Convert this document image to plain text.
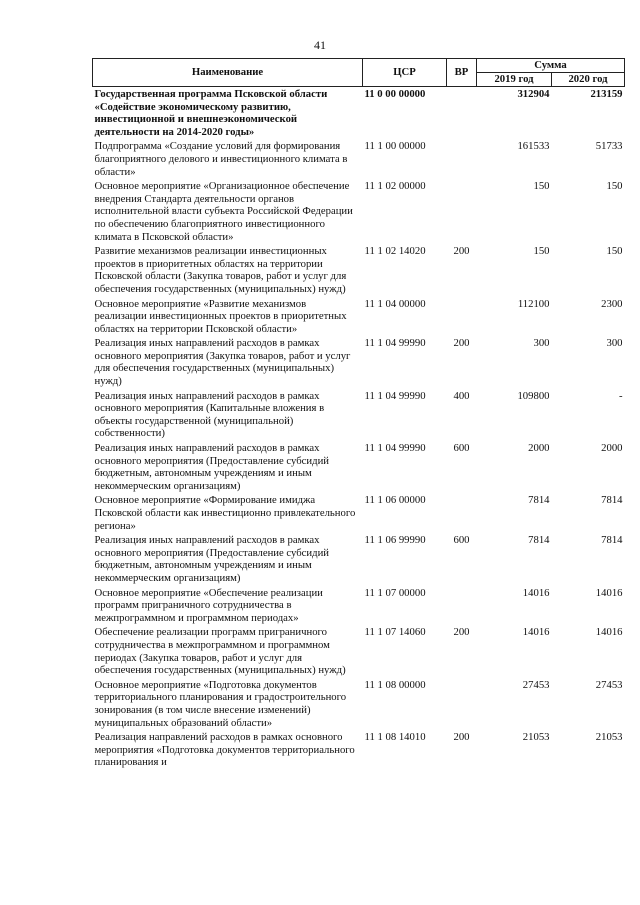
41
Наименование	ЦСР	ВР	Сумма	
			2019 год	2020 год
Государственная программа Псковской области «Содействие экономическому развитию, инвестиционной и внешнеэкономической деятельности на 2014-2020 годы»	11 0 00 00000		312904	213159
Подпрограмма «Создание условий для формирования благоприятного делового и инвестиционного климата в области»	11 1 00 00000		161533	51733
Основное мероприятие «Организационное обеспечение внедрения Стандарта деятельности органов исполнительной власти субъекта Российской Федерации по обеспечению благоприятного инвестиционного климата в Псковской области»	11 1 02 00000		150	150
Развитие механизмов реализации инвестиционных проектов в приоритетных областях на территории Псковской области (Закупка товаров, работ и услуг для обеспечения государственных (муниципальных) нужд)	11 1 02 14020	200	150	150
Основное мероприятие «Развитие механизмов реализации инвестиционных проектов в приоритетных областях на территории Псковской области»	11 1 04 00000		112100	2300
Реализация иных направлений расходов в рамках основного мероприятия (Закупка товаров, работ и услуг для обеспечения государственных (муниципальных) нужд)	11 1 04 99990	200	300	300
Реализация иных направлений расходов в рамках основного мероприятия (Капитальные вложения в объекты государственной (муниципальной) собственности)	11 1 04 99990	400	109800	-
Реализация иных направлений расходов в рамках основного мероприятия (Предоставление субсидий бюджетным, автономным учреждениям и иным некоммерческим организациям)	11 1 04 99990	600	2000	2000
Основное мероприятие «Формирование имиджа Псковской области как инвестиционно привлекательного региона»	11 1 06 00000		7814	7814
Реализация иных направлений расходов в рамках основного мероприятия (Предоставление субсидий бюджетным, автономным учреждениям и иным некоммерческим организациям)	11 1 06 99990	600	7814	7814
Основное мероприятие «Обеспечение реализации программ приграничного сотрудничества в межпрограммном и программном периодах»	11 1 07 00000		14016	14016
Обеспечение реализации программ приграничного сотрудничества в межпрограммном и программном периодах (Закупка товаров, работ и услуг для обеспечения государственных (муниципальных) нужд)	11 1 07 14060	200	14016	14016
Основное мероприятие «Подготовка документов территориального планирования и градостроительного зонирования (в том числе внесение изменений) муниципальных образований области»	11 1 08 00000		27453	27453
Реализация направлений расходов в рамках основного мероприятия «Подготовка документов территориального планирования и	11 1 08 14010	200	21053	21053
